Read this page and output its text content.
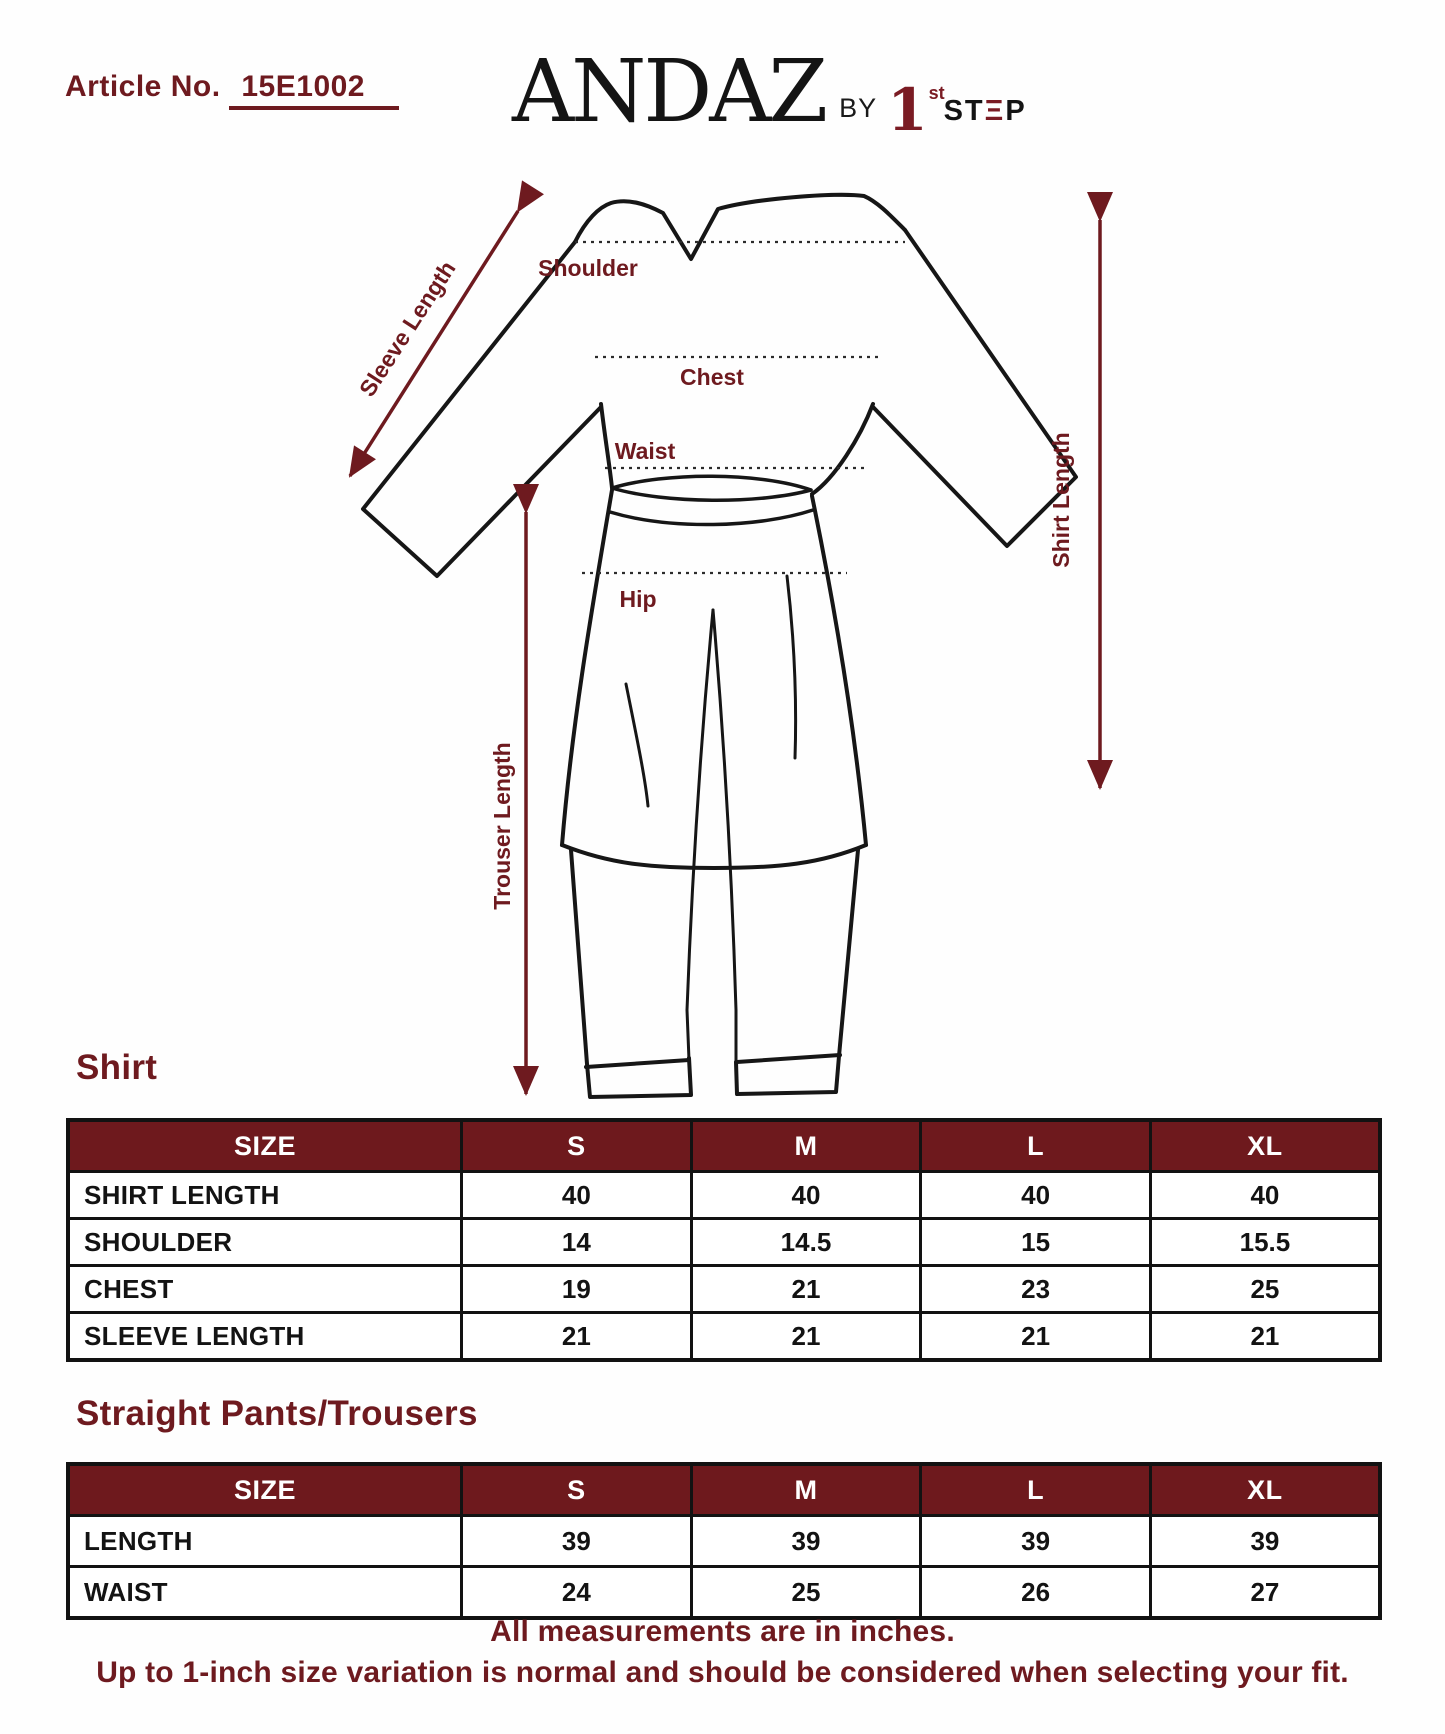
Article No. 15E1002	ANDAZ BY 1 st
STΞP
Shoulder
Chest
Waist
Hip
Sleeve Length
Shirt Length
Trouser Length
Shirt
SIZE	S	M	L	XL
SHIRT LENGTH	40	40	40	40
SHOULDER	14	14.5	15	15.5
CHEST	19	21	23	25
SLEEVE LENGTH	21	21	21	21
Straight Pants/Trousers
SIZE	S	M	L	XL
LENGTH	39	39	39	39
WAIST	24	25	26	27
All measurements are in inches.
Up to 1-inch size variation is normal and should be considered when selecting your fit.
